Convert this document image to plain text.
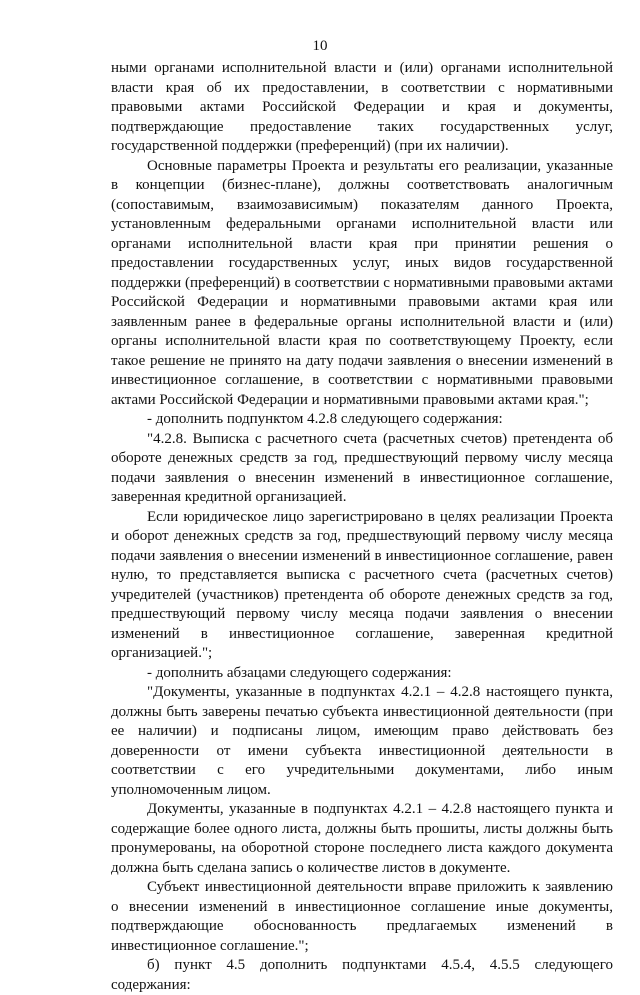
10

ными органами исполнительной власти и (или) органами исполнительной власти края об их предоставлении, в соответствии с нормативными правовыми актами Российской Федерации и края и документы, подтверждающие предоставление таких государственных услуг, государственной поддержки (преференций) (при их наличии).

Основные параметры Проекта и результаты его реализации, указанные в концепции (бизнес-плане), должны соответствовать аналогичным (сопоставимым, взаимозависимым) показателям данного Проекта, установленным федеральными органами исполнительной власти или органами исполнительной власти края при принятии решения о предоставлении государственных услуг, иных видов государственной поддержки (преференций) в соответствии с нормативными правовыми актами Российской Федерации и нормативными правовыми актами края или заявленным ранее в федеральные органы исполнительной власти и (или) органы исполнительной власти края по соответствующему Проекту, если такое решение не принято на дату подачи заявления о внесении изменений в инвестиционное соглашение, в соответствии с нормативными правовыми актами Российской Федерации и нормативными правовыми актами края.";

- дополнить подпунктом 4.2.8 следующего содержания:

"4.2.8. Выписка с расчетного счета (расчетных счетов) претендента об обороте денежных средств за год, предшествующий первому числу месяца подачи заявления о внесенин изменений в инвестиционное соглашение, заверенная кредитной организацией.

Если юридическое лицо зарегистрировано в целях реализации Проекта и оборот денежных средств за год, предшествующий первому числу месяца подачи заявления о внесении изменений в инвестиционное соглашение, равен нулю, то представляется выписка с расчетного счета (расчетных счетов) учредителей (участников) претендента об обороте денежных средств за год, предшествующий первому числу месяца подачи заявления о внесении изменений в инвестиционное соглашение, заверенная кредитной организацией.";

- дополнить абзацами следующего содержания:

"Документы, указанные в подпунктах 4.2.1 – 4.2.8 настоящего пункта, должны быть заверены печатью субъекта инвестиционной деятельности (при ее наличии) и подписаны лицом, имеющим право действовать без доверенности от имени субъекта инвестиционной деятельности в соответствии с его учредительными документами, либо иным уполномоченным лицом.

Документы, указанные в подпунктах 4.2.1 – 4.2.8 настоящего пункта и содержащие более одного листа, должны быть прошиты, листы должны быть пронумерованы, на оборотной стороне последнего листа каждого документа должна быть сделана запись о количестве листов в документе.

Субъект инвестиционной деятельности вправе приложить к заявлению о внесении изменений в инвестиционное соглашение иные документы, подтверждающие обоснованность предлагаемых изменений в инвестиционное соглашение.";

б) пункт 4.5 дополнить подпунктами 4.5.4, 4.5.5 следующего содержания:
